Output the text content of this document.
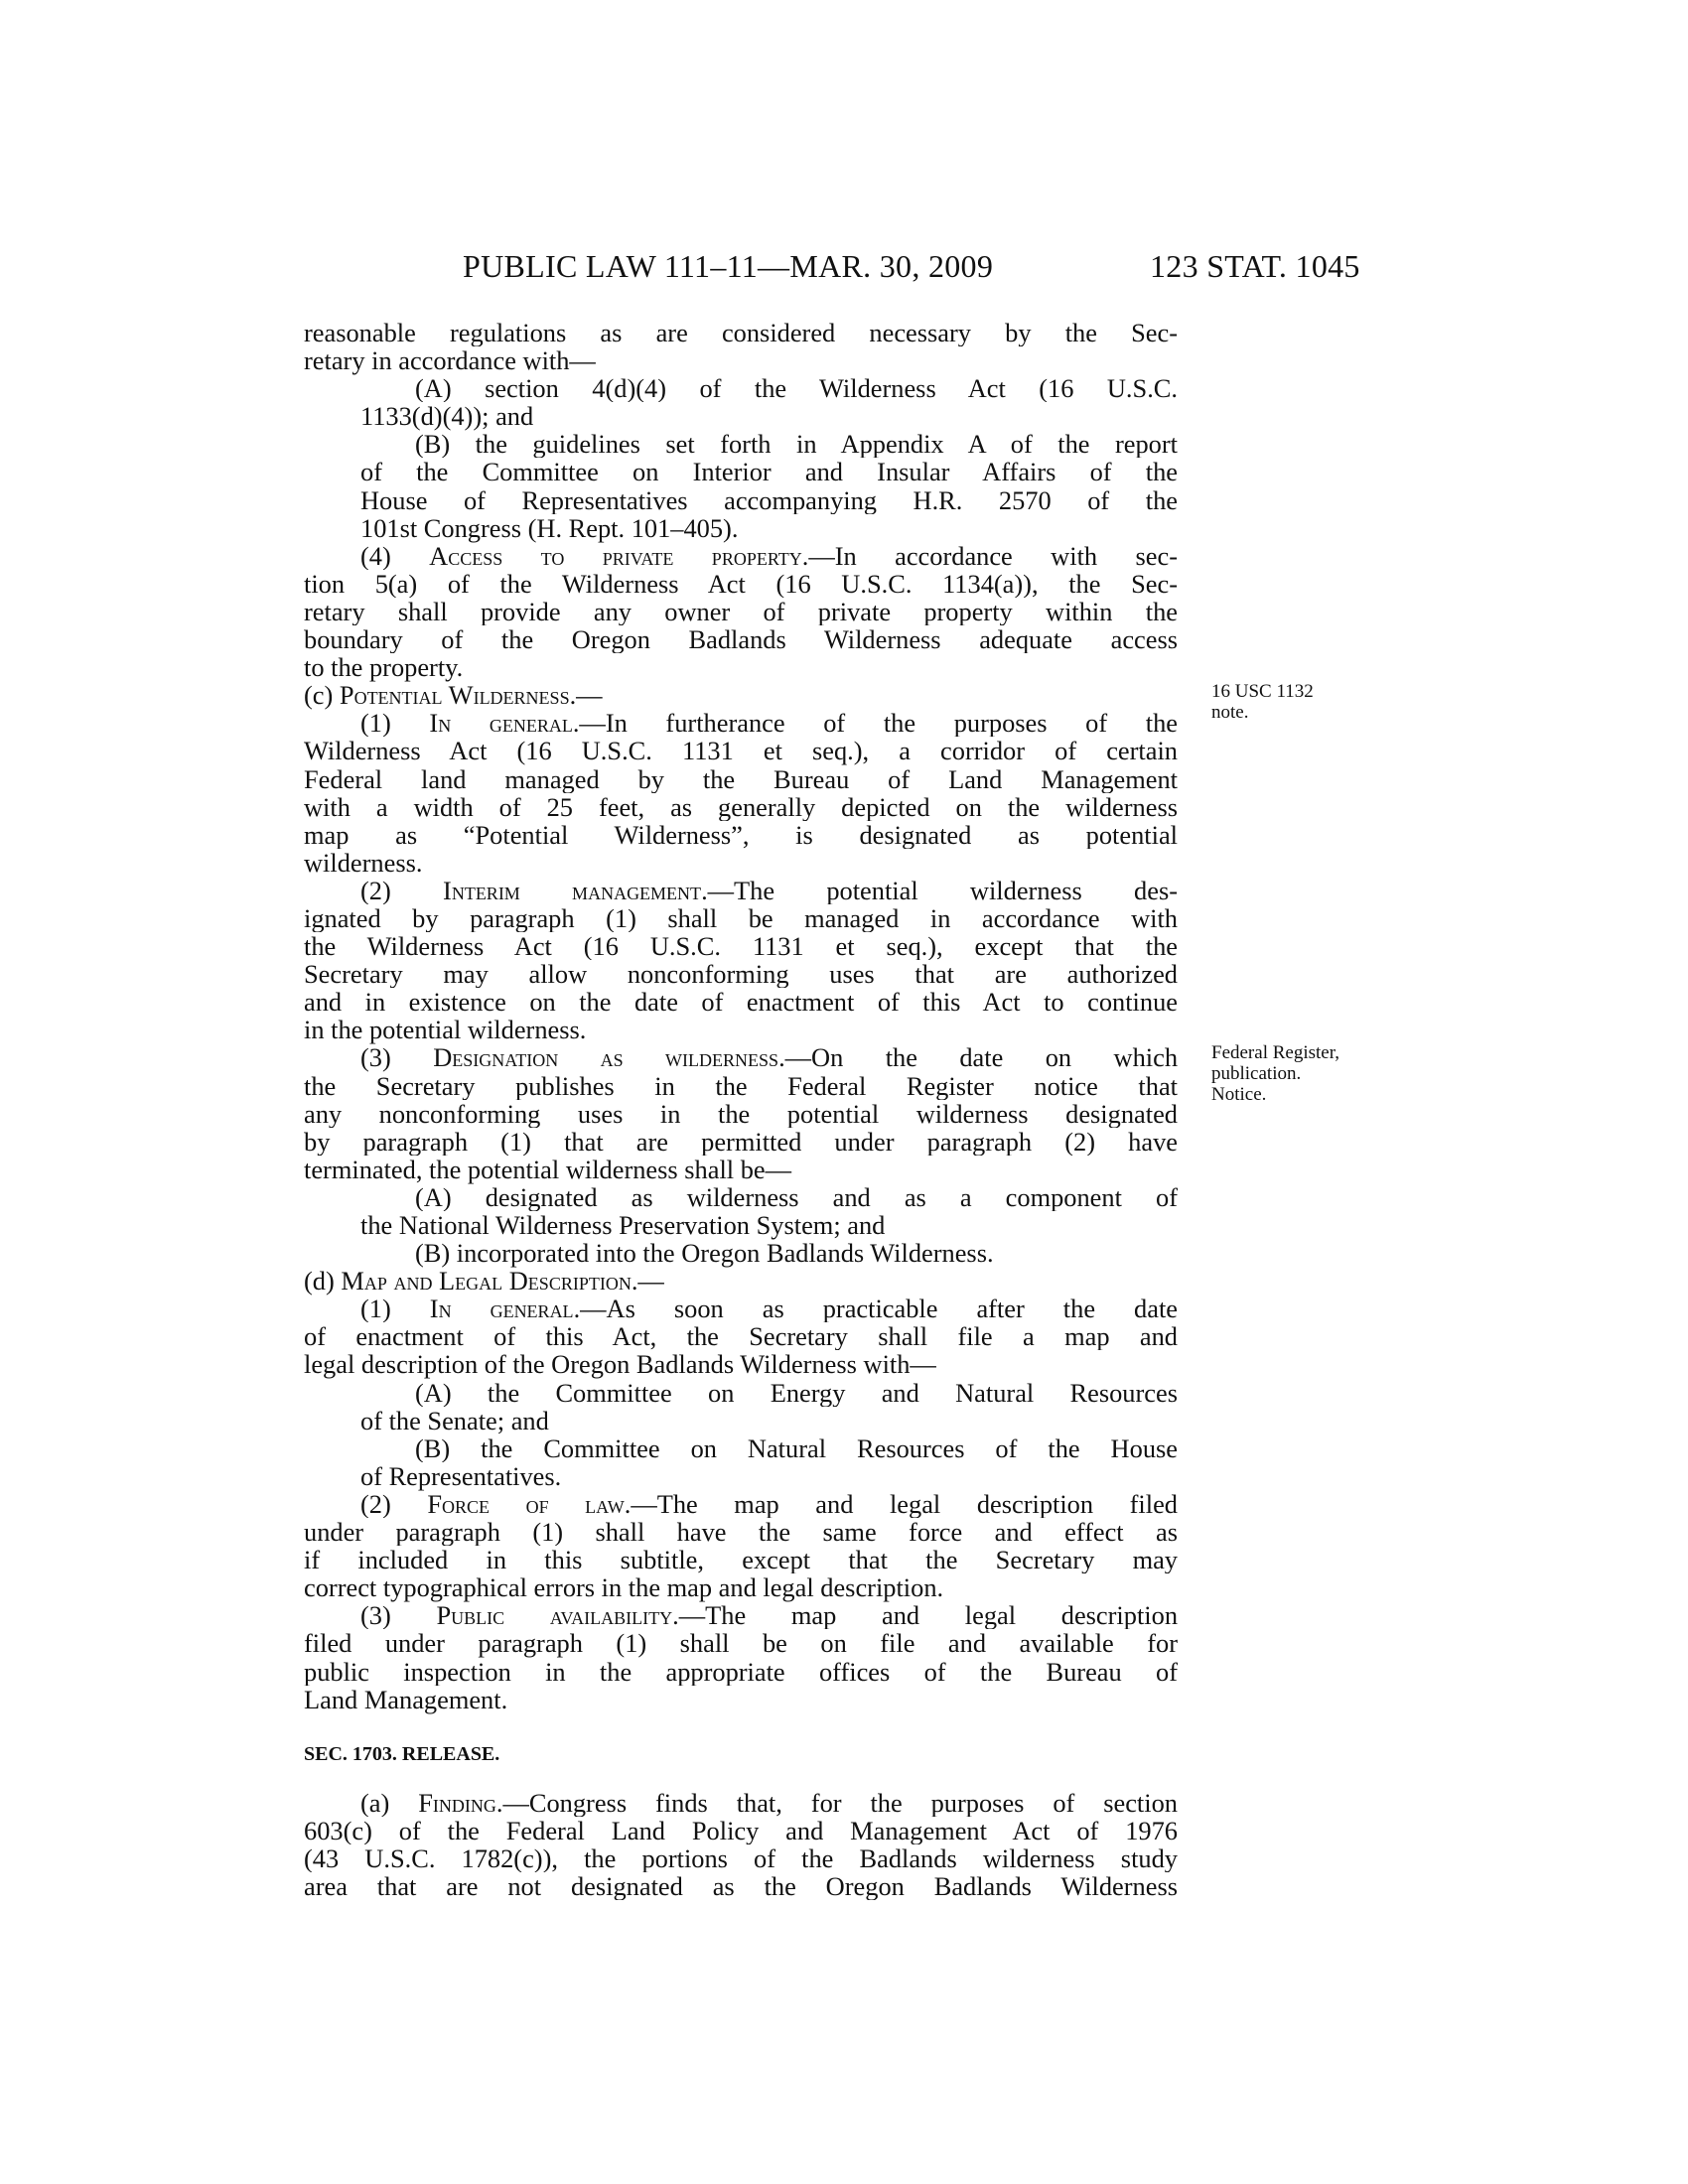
PUBLIC LAW 111–11—MAR. 30, 2009	123 STAT. 1045
reasonable regulations as are considered necessary by the Sec-
retary in accordance with—
(A) section 4(d)(4) of the Wilderness Act (16 U.S.C.
1133(d)(4)); and
(B) the guidelines set forth in Appendix A of the report
of the Committee on Interior and Insular Affairs of the
House of Representatives accompanying H.R. 2570 of the
101st Congress (H. Rept. 101–405).
(4) Access to private property.—In accordance with sec-
tion 5(a) of the Wilderness Act (16 U.S.C. 1134(a)), the Sec-
retary shall provide any owner of private property within the
boundary of the Oregon Badlands Wilderness adequate access
to the property.
(c) Potential Wilderness.—
(1) In general.—In furtherance of the purposes of the
Wilderness Act (16 U.S.C. 1131 et seq.), a corridor of certain
Federal land managed by the Bureau of Land Management
with a width of 25 feet, as generally depicted on the wilderness
map as “Potential Wilderness”, is designated as potential
wilderness.
(2) Interim management.—The potential wilderness des-
ignated by paragraph (1) shall be managed in accordance with
the Wilderness Act (16 U.S.C. 1131 et seq.), except that the
Secretary may allow nonconforming uses that are authorized
and in existence on the date of enactment of this Act to continue
in the potential wilderness.
(3) Designation as wilderness.—On the date on which
the Secretary publishes in the Federal Register notice that
any nonconforming uses in the potential wilderness designated
by paragraph (1) that are permitted under paragraph (2) have
terminated, the potential wilderness shall be—
(A) designated as wilderness and as a component of
the National Wilderness Preservation System; and
(B) incorporated into the Oregon Badlands Wilderness.
(d) Map and Legal Description.—
(1) In general.—As soon as practicable after the date
of enactment of this Act, the Secretary shall file a map and
legal description of the Oregon Badlands Wilderness with—
(A) the Committee on Energy and Natural Resources
of the Senate; and
(B) the Committee on Natural Resources of the House
of Representatives.
(2) Force of law.—The map and legal description filed
under paragraph (1) shall have the same force and effect as
if included in this subtitle, except that the Secretary may
correct typographical errors in the map and legal description.
(3) Public availability.—The map and legal description
filed under paragraph (1) shall be on file and available for
public inspection in the appropriate offices of the Bureau of
Land Management.
SEC. 1703. RELEASE.
(a) Finding.—Congress finds that, for the purposes of section
603(c) of the Federal Land Policy and Management Act of 1976
(43 U.S.C. 1782(c)), the portions of the Badlands wilderness study
area that are not designated as the Oregon Badlands Wilderness
16 USC 1132
note.
Federal Register,
publication.
Notice.
